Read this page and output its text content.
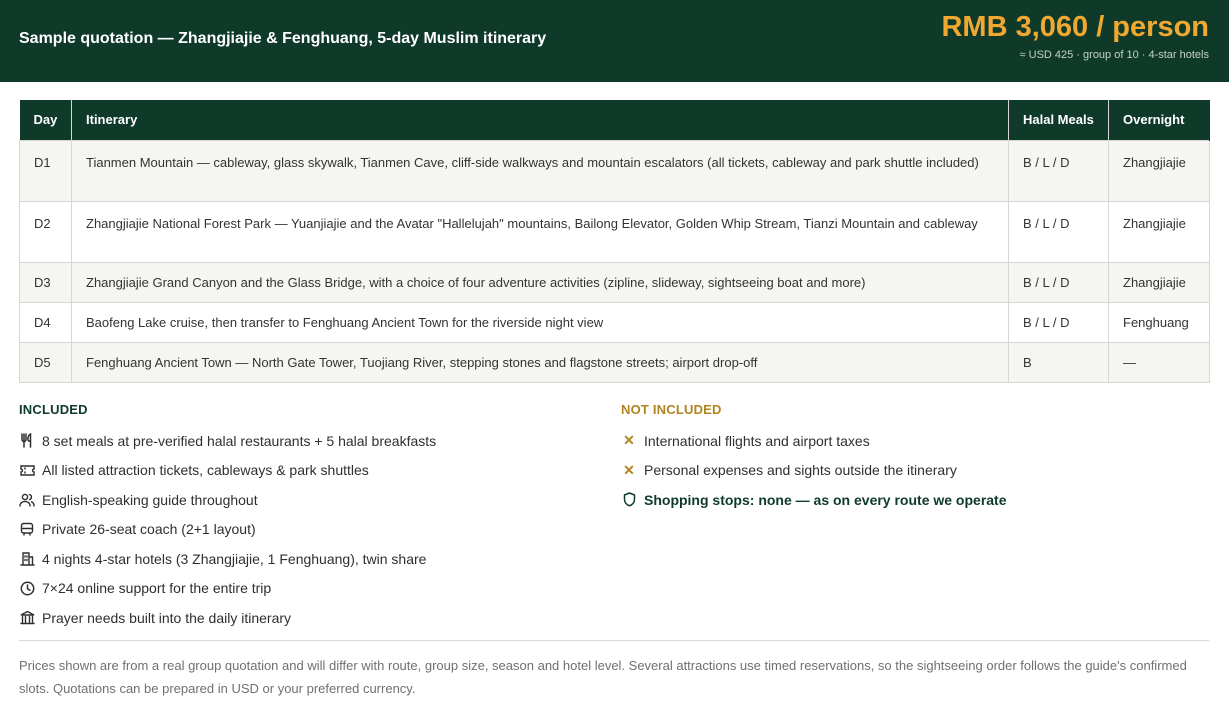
Sample quotation — Zhangjiajie & Fenghuang, 5-day Muslim itinerary	RMB 3,060 / person
≈ USD 425 · group of 10 · 4-star hotels
Day	Itinerary	Halal Meals	Overnight
D1	Tianmen Mountain — cableway, glass skywalk, Tianmen Cave, cliff-side walkways and mountain escalators (all tickets, cableway and park shuttle included)	B / L / D	Zhangjiajie
D2	Zhangjiajie National Forest Park — Yuanjiajie and the Avatar "Hallelujah" mountains, Bailong Elevator, Golden Whip Stream, Tianzi Mountain and cableway	B / L / D	Zhangjiajie
D3	Zhangjiajie Grand Canyon and the Glass Bridge, with a choice of four adventure activities (zipline, slideway, sightseeing boat and more)	B / L / D	Zhangjiajie
D4	Baofeng Lake cruise, then transfer to Fenghuang Ancient Town for the riverside night view	B / L / D	Fenghuang
D5	Fenghuang Ancient Town — North Gate Tower, Tuojiang River, stepping stones and flagstone streets; airport drop-off	B	—
INCLUDED	NOT INCLUDED
8 set meals at pre-verified halal restaurants + 5 halal breakfasts
All listed attraction tickets, cableways & park shuttles
English-speaking guide throughout
Private 26-seat coach (2+1 layout)
4 nights 4-star hotels (3 Zhangjiajie, 1 Fenghuang), twin share
7×24 online support for the entire trip
Prayer needs built into the daily itinerary
✕ International flights and airport taxes
✕ Personal expenses and sights outside the itinerary
Shopping stops: none — as on every route we operate
Prices shown are from a real group quotation and will differ with route, group size, season and hotel level. Several attractions use timed reservations, so the sightseeing order follows the guide's confirmed slots. Quotations can be prepared in USD or your preferred currency.
